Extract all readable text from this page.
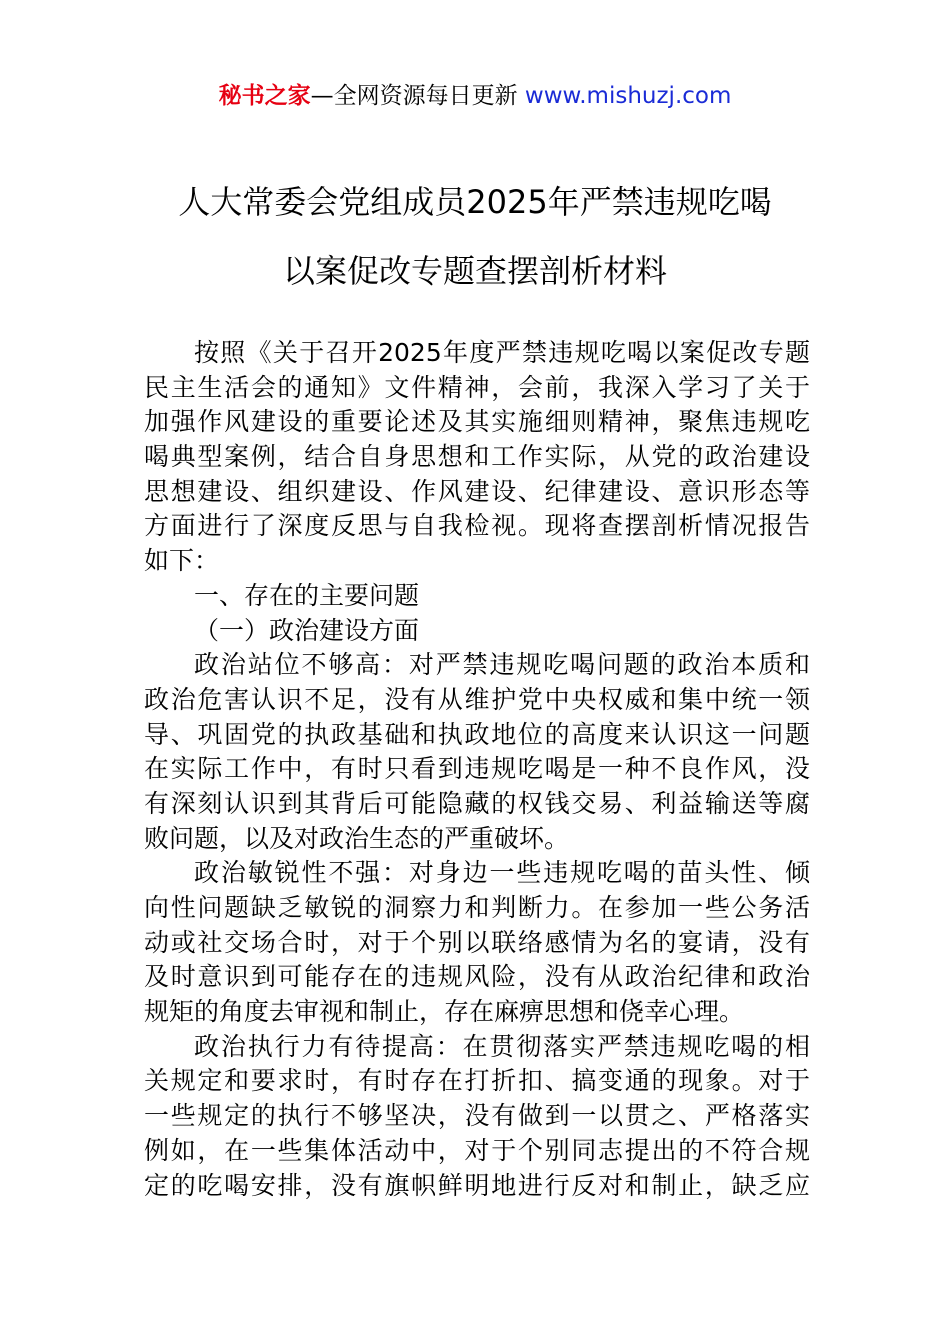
秘书之家—全网资源每日更新 www.mishuzj.com
人大常委会党组成员2025年严禁违规吃喝
以案促改专题查摆剖析材料
按照《关于召开2025年度严禁违规吃喝以案促改专题
民主生活会的通知》文件精神，会前，我深入学习了关于
加强作风建设的重要论述及其实施细则精神，聚焦违规吃
喝典型案例，结合自身思想和工作实际，从党的政治建设
思想建设、组织建设、作风建设、纪律建设、意识形态等
方面进行了深度反思与自我检视。现将查摆剖析情况报告
如下：
一、存在的主要问题
（一）政治建设方面
政治站位不够高：对严禁违规吃喝问题的政治本质和
政治危害认识不足，没有从维护党中央权威和集中统一领
导、巩固党的执政基础和执政地位的高度来认识这一问题
在实际工作中，有时只看到违规吃喝是一种不良作风，没
有深刻认识到其背后可能隐藏的权钱交易、利益输送等腐
败问题，以及对政治生态的严重破坏。
政治敏锐性不强：对身边一些违规吃喝的苗头性、倾
向性问题缺乏敏锐的洞察力和判断力。在参加一些公务活
动或社交场合时，对于个别以联络感情为名的宴请，没有
及时意识到可能存在的违规风险，没有从政治纪律和政治
规矩的角度去审视和制止，存在麻痹思想和侥幸心理。
政治执行力有待提高：在贯彻落实严禁违规吃喝的相
关规定和要求时，有时存在打折扣、搞变通的现象。对于
一些规定的执行不够坚决，没有做到一以贯之、严格落实
例如，在一些集体活动中，对于个别同志提出的不符合规
定的吃喝安排，没有旗帜鲜明地进行反对和制止，缺乏应
